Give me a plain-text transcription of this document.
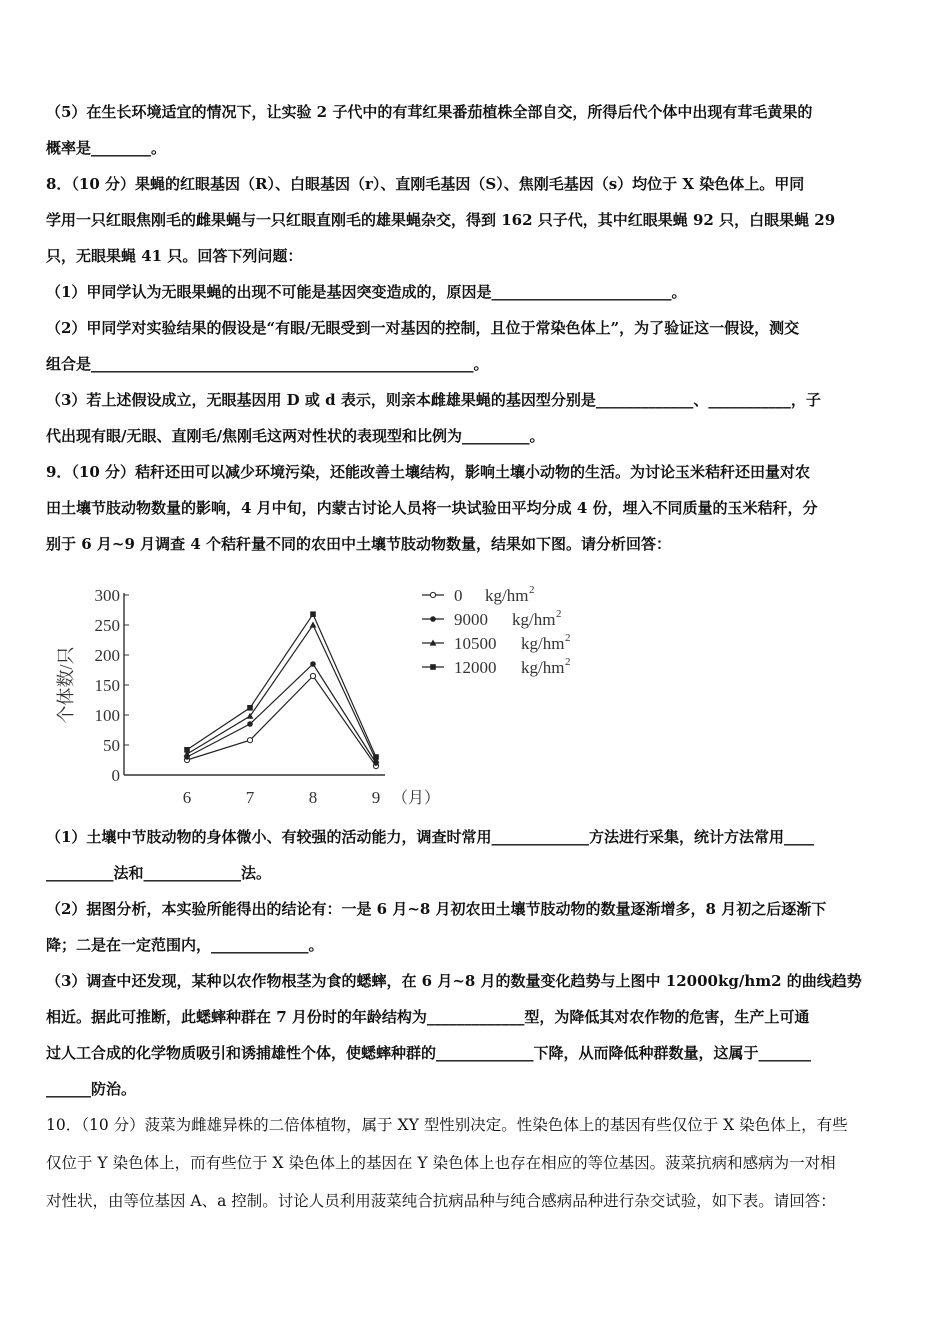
（5）在生长环境适宜的情况下，让实验 2 子代中的有茸红果番茄植株全部自交，所得后代个体中出现有茸毛黄果的
概率是________。
8．（10 分）果蝇的红眼基因（R）、白眼基因（r）、直刚毛基因（S）、焦刚毛基因（s）均位于 X 染色体上。甲同
学用一只红眼焦刚毛的雌果蝇与一只红眼直刚毛的雄果蝇杂交，得到 162 只子代，其中红眼果蝇 92 只，白眼果蝇 29
只，无眼果蝇 41 只。回答下列问题：
（1）甲同学认为无眼果蝇的出现不可能是基因突变造成的，原因是________________________。
（2）甲同学对实验结果的假设是“有眼/无眼受到一对基因的控制，且位于常染色体上”，为了验证这一假设，测交
组合是___________________________________________________。
（3）若上述假设成立，无眼基因用 D 或 d 表示，则亲本雌雄果蝇的基因型分别是_____________、___________，子
代出现有眼/无眼、直刚毛/焦刚毛这两对性状的表现型和比例为_________。
9．（10 分）秸秆还田可以减少环境污染，还能改善土壤结构，影响土壤小动物的生活。为讨论玉米秸秆还田量对农
田土壤节肢动物数量的影响，4 月中旬，内蒙古讨论人员将一块试验田平均分成 4 份，埋入不同质量的玉米秸秆，分
别于 6 月~9 月调查 4 个秸秆量不同的农田中土壤节肢动物数量，结果如下图。请分析回答：
0
50
100
150
200
250
300
6	7	8	9 （月）
个体数/只
0 kg/hm 2
9000 kg/hm 2
10500 kg/hm 2
12000 kg/hm 2
（1）土壤中节肢动物的身体微小、有较强的活动能力，调查时常用_____________方法进行采集，统计方法常用____
_________法和_____________法。
（2）据图分析，本实验所能得出的结论有：一是 6 月~8 月初农田土壤节肢动物的数量逐渐增多，8 月初之后逐渐下
降；二是在一定范围内，_____________。
（3）调查中还发现，某种以农作物根茎为食的蟋蟀，在 6 月~8 月的数量变化趋势与上图中 12000kg/hm2 的曲线趋势
相近。据此可推断，此蟋蟀种群在 7 月份时的年龄结构为_____________型，为降低其对农作物的危害，生产上可通
过人工合成的化学物质吸引和诱捕雄性个体，使蟋蟀种群的_____________下降，从而降低种群数量，这属于_______
______防治。
10．（10 分）菠菜为雌雄异株的二倍体植物，属于 XY 型性别决定。性染色体上的基因有些仅位于 X 染色体上，有些
仅位于 Y 染色体上，而有些位于 X 染色体上的基因在 Y 染色体上也存在相应的等位基因。菠菜抗病和感病为一对相
对性状，由等位基因 A、a 控制。讨论人员利用菠菜纯合抗病品种与纯合感病品种进行杂交试验，如下表。请回答：
